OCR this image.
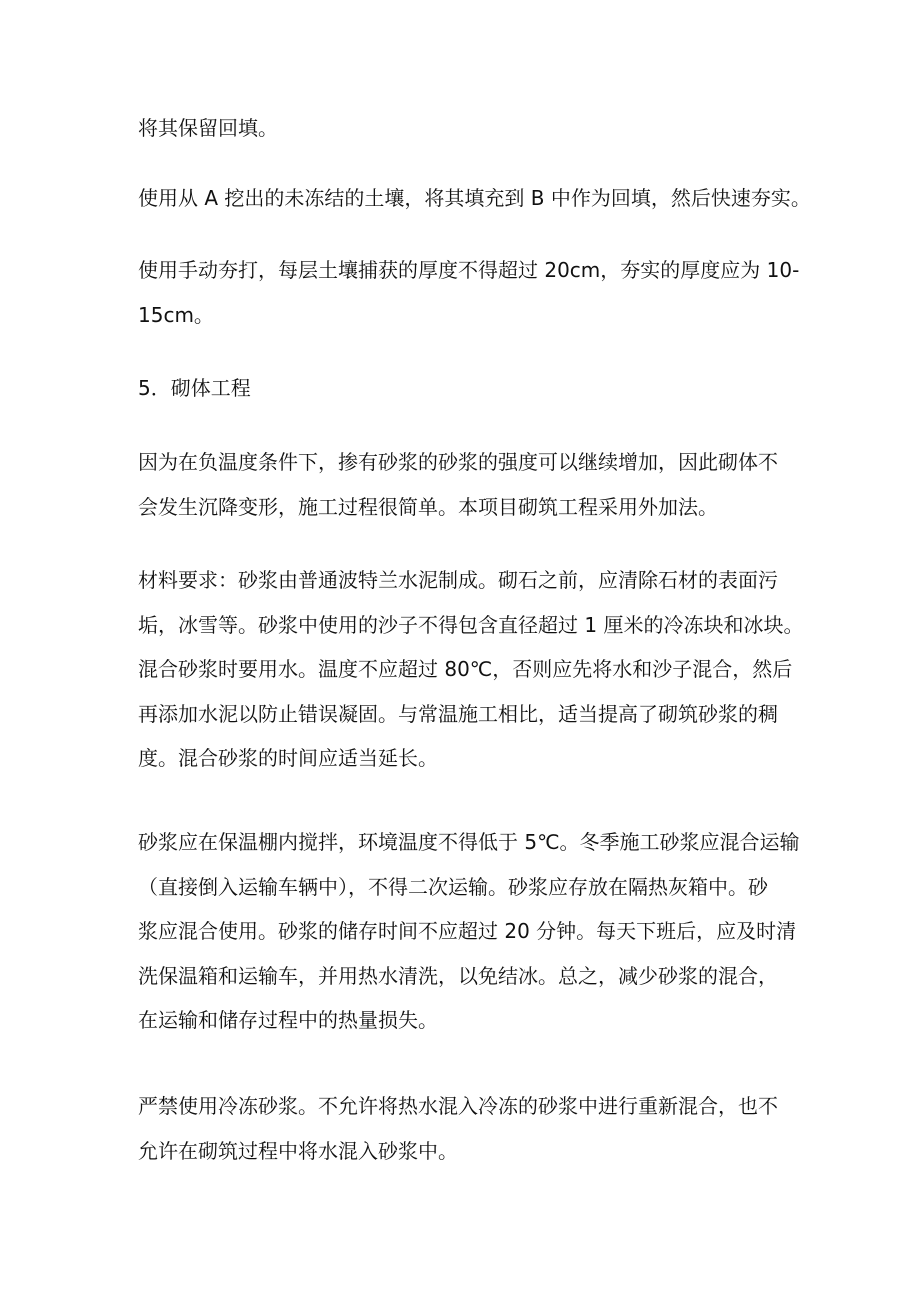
将其保留回填。
使用从 A 挖出的未冻结的土壤，将其填充到 B 中作为回填，然后快速夯实。
使用手动夯打，每层土壤捕获的厚度不得超过 20cm，夯实的厚度应为 10-
15cm。
5．砌体工程
因为在负温度条件下，掺有砂浆的砂浆的强度可以继续增加，因此砌体不
会发生沉降变形，施工过程很简单。本项目砌筑工程采用外加法。
材料要求：砂浆由普通波特兰水泥制成。砌石之前，应清除石材的表面污
垢，冰雪等。砂浆中使用的沙子不得包含直径超过 1 厘米的冷冻块和冰块。
混合砂浆时要用水。温度不应超过 80℃，否则应先将水和沙子混合，然后
再添加水泥以防止错误凝固。与常温施工相比，适当提高了砌筑砂浆的稠
度。混合砂浆的时间应适当延长。
砂浆应在保温棚内搅拌，环境温度不得低于 5℃。冬季施工砂浆应混合运输
（直接倒入运输车辆中），不得二次运输。砂浆应存放在隔热灰箱中。砂
浆应混合使用。砂浆的储存时间不应超过 20 分钟。每天下班后，应及时清
洗保温箱和运输车，并用热水清洗，以免结冰。总之，减少砂浆的混合，
在运输和储存过程中的热量损失。
严禁使用冷冻砂浆。不允许将热水混入冷冻的砂浆中进行重新混合，也不
允许在砌筑过程中将水混入砂浆中。
